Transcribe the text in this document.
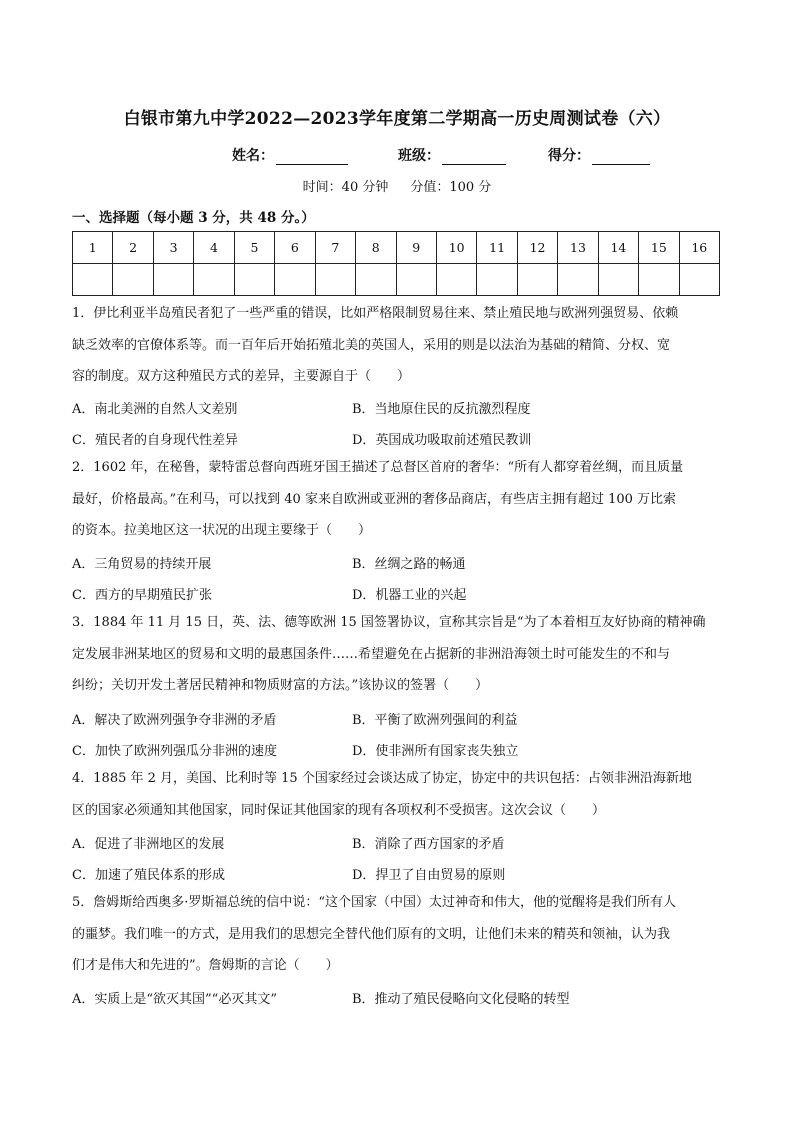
白银市第九中学2022—2023学年度第二学期高一历史周测试卷（六）
姓名：	班级：	得分：
时间：40 分钟 分值：100 分
一、选择题（每小题 3 分，共 48 分。）
1	2	3	4	5	6	7	8	9	10	11	12	13	14	15	16

1．伊比利亚半岛殖民者犯了一些严重的错误，比如严格限制贸易往来、禁止殖民地与欧洲列强贸易、依赖

缺乏效率的官僚体系等。而一百年后开始拓殖北美的英国人，采用的则是以法治为基础的精简、分权、宽

容的制度。双方这种殖民方式的差异，主要源自于（　　）

A．南北美洲的自然人文差别	B．当地原住民的反抗激烈程度
C．殖民者的自身现代性差异	D．英国成功吸取前述殖民教训

2．1602 年，在秘鲁，蒙特雷总督向西班牙国王描述了总督区首府的奢华：“所有人都穿着丝绸，而且质量

最好，价格最高。”在利马，可以找到 40 家来自欧洲或亚洲的奢侈品商店，有些店主拥有超过 100 万比索

的资本。拉美地区这一状况的出现主要缘于（　　）

A．三角贸易的持续开展	B．丝绸之路的畅通
C．西方的早期殖民扩张	D．机器工业的兴起

3．1884 年 11 月 15 日，英、法、德等欧洲 15 国签署协议，宣称其宗旨是“为了本着相互友好协商的精神确

定发展非洲某地区的贸易和文明的最惠国条件……希望避免在占据新的非洲沿海领土时可能发生的不和与

纠纷；关切开发土著居民精神和物质财富的方法。”该协议的签署（　　）

A．解决了欧洲列强争夺非洲的矛盾	B．平衡了欧洲列强间的利益
C．加快了欧洲列强瓜分非洲的速度	D．使非洲所有国家丧失独立

4．1885 年 2 月，美国、比利时等 15 个国家经过会谈达成了协定，协定中的共识包括：占领非洲沿海新地

区的国家必须通知其他国家，同时保证其他国家的现有各项权利不受损害。这次会议（　　）

A．促进了非洲地区的发展	B．消除了西方国家的矛盾
C．加速了殖民体系的形成	D．捍卫了自由贸易的原则

5．詹姆斯给西奥多·罗斯福总统的信中说：“这个国家（中国）太过神奇和伟大，他的觉醒将是我们所有人

的噩梦。我们唯一的方式，是用我们的思想完全替代他们原有的文明，让他们未来的精英和领袖，认为我

们才是伟大和先进的”。詹姆斯的言论（　　）

A．实质上是“欲灭其国”“必灭其文”	B．推动了殖民侵略向文化侵略的转型
